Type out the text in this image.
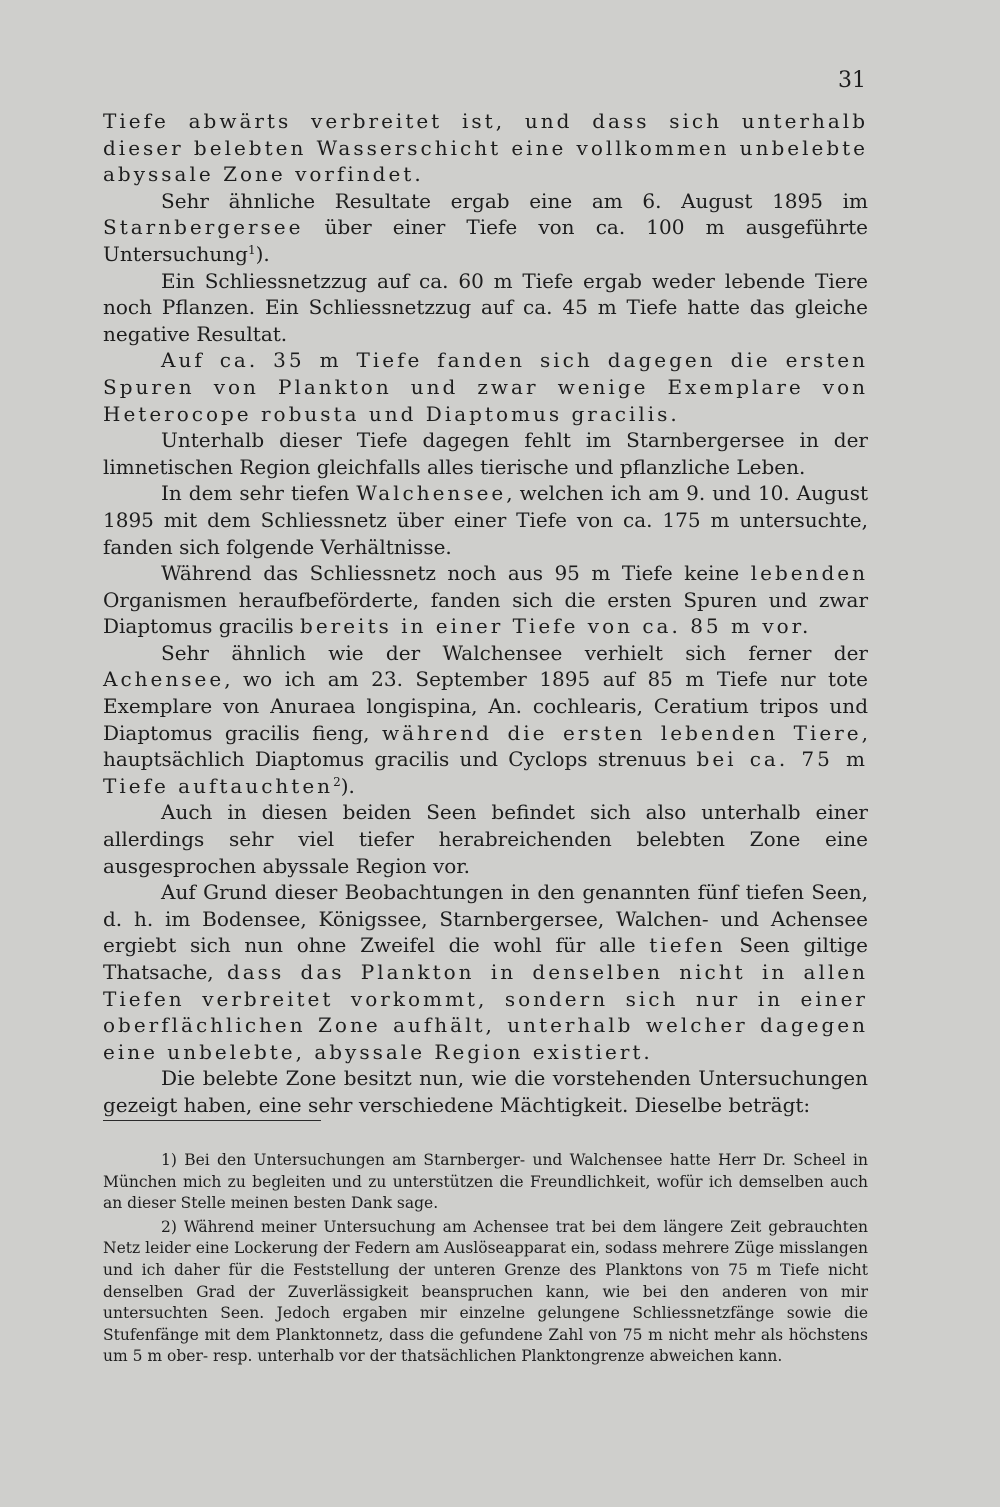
31

Tiefe abwärts verbreitet ist, und dass sich unterhalb dieser belebten Wasserschicht eine vollkommen unbelebte abyssale Zone vorfindet.

Sehr ähnliche Resultate ergab eine am 6. August 1895 im Starnbergersee über einer Tiefe von ca. 100 m ausgeführte Untersuchung$^1$).

Ein Schliessnetzzug auf ca. 60 m Tiefe ergab weder lebende Tiere noch Pflanzen. Ein Schliessnetzzug auf ca. 45 m Tiefe hatte das gleiche negative Resultat.

Auf ca. 35 m Tiefe fanden sich dagegen die ersten Spuren von Plankton und zwar wenige Exemplare von Heterocope robusta und Diaptomus gracilis.

Unterhalb dieser Tiefe dagegen fehlt im Starnbergersee in der limnetischen Region gleichfalls alles tierische und pflanzliche Leben.

In dem sehr tiefen Walchensee, welchen ich am 9. und 10. August 1895 mit dem Schliessnetz über einer Tiefe von ca. 175 m untersuchte, fanden sich folgende Verhältnisse.

Während das Schliessnetz noch aus 95 m Tiefe keine lebenden Organismen heraufbeförderte, fanden sich die ersten Spuren und zwar Diaptomus gracilis bereits in einer Tiefe von ca. 85 m vor.

Sehr ähnlich wie der Walchensee verhielt sich ferner der Achensee, wo ich am 23. September 1895 auf 85 m Tiefe nur tote Exemplare von Anuraea longispina, An. cochlearis, Ceratium tripos und Diaptomus gracilis fieng, während die ersten lebenden Tiere, hauptsächlich Diaptomus gracilis und Cyclops strenuus bei ca. 75 m Tiefe auftauchten$^2$).

Auch in diesen beiden Seen befindet sich also unterhalb einer allerdings sehr viel tiefer herabreichenden belebten Zone eine ausgesprochen abyssale Region vor.

Auf Grund dieser Beobachtungen in den genannten fünf tiefen Seen, d. h. im Bodensee, Königssee, Starnbergersee, Walchen- und Achensee ergiebt sich nun ohne Zweifel die wohl für alle tiefen Seen giltige Thatsache, dass das Plankton in denselben nicht in allen Tiefen verbreitet vorkommt, sondern sich nur in einer oberflächlichen Zone aufhält, unterhalb welcher dagegen eine unbelebte, abyssale Region existiert.

Die belebte Zone besitzt nun, wie die vorstehenden Untersuchungen gezeigt haben, eine sehr verschiedene Mächtigkeit. Dieselbe beträgt:

1) Bei den Untersuchungen am Starnberger- und Walchensee hatte Herr Dr. Scheel in München mich zu begleiten und zu unterstützen die Freundlichkeit, wofür ich demselben auch an dieser Stelle meinen besten Dank sage.

2) Während meiner Untersuchung am Achensee trat bei dem längere Zeit gebrauchten Netz leider eine Lockerung der Federn am Auslöseapparat ein, sodass mehrere Züge misslangen und ich daher für die Feststellung der unteren Grenze des Planktons von 75 m Tiefe nicht denselben Grad der Zuverlässigkeit beanspruchen kann, wie bei den anderen von mir untersuchten Seen. Jedoch ergaben mir einzelne gelungene Schliessnetzfänge sowie die Stufenfänge mit dem Planktonnetz, dass die gefundene Zahl von 75 m nicht mehr als höchstens um 5 m ober- resp. unterhalb vor der thatsächlichen Planktongrenze abweichen kann.
